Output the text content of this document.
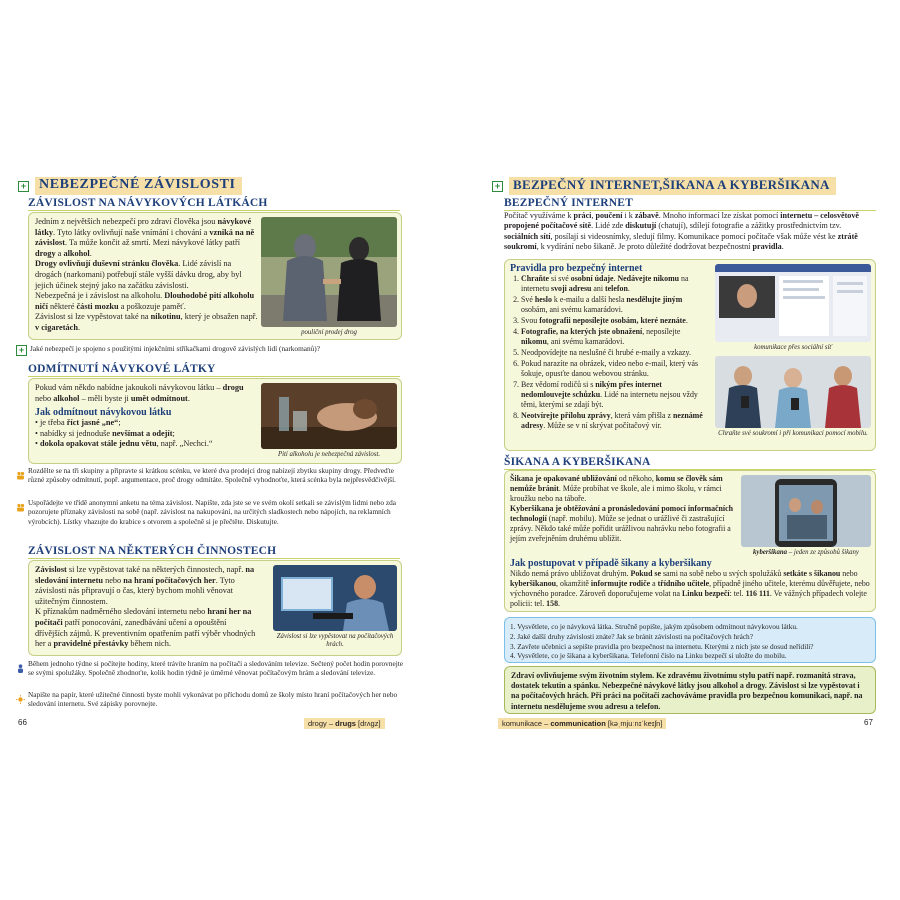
+ NEBEZPEČNÉ ZÁVISLOSTI
ZÁVISLOST NA NÁVYKOVÝCH LÁTKÁCH

Jedním z největších nebezpečí pro zdraví člověka jsou návykové látky. Tyto látky ovlivňují naše vnímání i chování a vzniká na ně závislost. Ta může končit až smrtí. Mezi návykové látky patří drogy a alkohol.

Drogy ovlivňují duševní stránku člověka. Lidé závislí na drogách (narkomani) potřebují stále vyšší dávku drog, aby byl jejich účinek stejný jako na začátku závislosti.

Nebezpečná je i závislost na alkoholu. Dlouhodobé pití alkoholu ničí některé části mozku a poškozuje paměť.

Závislost si lze vypěstovat také na nikotinu, který je obsažen např. v cigaretách.

pouliční prodej drog
+ Jaké nebezpečí je spojeno s použitými injekčními stříkačkami drogově závislých lidí (narkomanů)?
ODMÍTNUTÍ NÁVYKOVÉ LÁTKY

Pokud vám někdo nabídne jakoukoli návykovou látku – drogu nebo alkohol – měli byste ji umět odmítnout.

Jak odmítnout návykovou látku

• je třeba říct jasné „ne“;

• nabídky si jednoduše nevšímat a odejít;

• dokola opakovat stále jednu větu, např. „Nechci.“

Pití alkoholu je nebezpečná závislost.
Rozdělte se na tři skupiny a připravte si krátkou scénku, ve které dva prodejci drog nabízejí zbytku skupiny drogy. Předveďte různé způsoby odmítnutí, popř. argumentace, proč drogy odmítáte. Společně vyhodnoťte, která scénka byla nejpřesvědčivější.
Uspořádejte ve třídě anonymní anketu na téma závislost. Napište, zda jste se ve svém okolí setkali se závislým lidmi nebo zda pozorujete příznaky závislosti na sobě (např. závislost na nakupování, na určitých sladkostech nebo nápojích, na reklamních výrobcích). Lístky vhazujte do krabice s otvorem a společně si je přečtěte. Diskutujte.
ZÁVISLOST NA NĚKTERÝCH ČINNOSTECH

Závislost si lze vypěstovat také na některých činnostech, např. na sledování internetu nebo na hraní počítačových her. Tyto závislosti nás připravují o čas, který bychom mohli věnovat užitečným činnostem.

K příznakům nadměrného sledování internetu nebo hraní her na počítači patří ponocování, zanedbávání učení a opouštění dřívějších zájmů. K preventivním opatřením patří výběr vhodných her a pravidelné přestávky během nich.

Závislost si lze vypěstovat na počítačových hrách.
Během jednoho týdne si počítejte hodiny, které trávíte hraním na počítači a sledováním televize. Sečtený počet hodin porovnejte se svými spolužáky. Společně zhodnoťte, kolik hodin týdně je úměrné věnovat počítačovým hrám a sledování televize.
Napište na papír, které užitečné činnosti byste mohli vykonávat po příchodu domů ze školy místo hraní počítačových her nebo sledování internetu. Své zápisky porovnejte.
66	drogy – drugs [drʌgz]
+ BEZPEČNÝ INTERNET,ŠIKANA A KYBERŠIKANA
BEZPEČNÝ INTERNET

Počítač využíváme k práci, poučení i k zábavě. Mnoho informací lze získat pomocí internetu – celosvětově propojené počítačové sítě. Lidé zde diskutují (chatují), sdílejí fotografie a zážitky prostřednictvím tzv. sociálních sítí, posílají si videosnímky, sledují filmy. Komunikace pomocí počítače však může vést ke ztrátě soukromí, k vydírání nebo šikaně. Je proto důležité dodržovat bezpečnostní pravidla.

Pravidla pro bezpečný internet
1. Chraňte si své osobní údaje. Nedávejte nikomu na internetu svoji adresu ani telefon.
2. Své heslo k e-mailu a další hesla nesdělujte jiným osobám, ani svému kamarádovi.
3. Svou fotografii neposílejte osobám, které neznáte.
4. Fotografie, na kterých jste obnažení, neposílejte nikomu, ani svému kamarádovi.
5. Neodpovídejte na neslušné či hrubé e-maily a vzkazy.
6. Pokud narazíte na obrázek, video nebo e-mail, který vás šokuje, opusťte danou webovou stránku.
7. Bez vědomí rodičů si s nikým přes internet nedomlouvejte schůzku. Lidé na internetu nejsou vždy těmi, kterými se zdají být.
8. Neotvírejte přílohu zprávy, která vám přišla z neznámé adresy. Může se v ní skrývat počítačový vir.
komunikace přes sociální síť
Chraňte své soukromí i při komunikaci pomocí mobilu.
ŠIKANA A KYBERŠIKANA

Šikana je opakované ubližování od někoho, komu se člověk sám nemůže bránit. Může probíhat ve škole, ale i mimo školu, v rámci kroužku nebo na táboře.

Kyberšikana je obtěžování a pronásledování pomocí informačních technologií (např. mobilu). Může se jednat o urážlivé či zastrašující zprávy. Někdo také může pořídit urážlivou nahrávku nebo fotografii a jejím zveřejněním druhému ublížit.

kyberšikana – jeden ze způsobů šikany
Jak postupovat v případě šikany a kyberšikany

Nikdo nemá právo ubližovat druhým. Pokud se sami na sobě nebo u svých spolužáků setkáte s šikanou nebo kyberšikanou, okamžitě informujte rodiče a třídního učitele, případně jiného učitele, kterému důvěřujete, nebo výchovného poradce. Zároveň doporučujeme volat na Linku bezpečí: tel. 116 111. Ve vážných případech volejte policii: tel. 158.

1. Vysvětlete, co je návyková látka. Stručně popište, jakým způsobem odmítnout návykovou látku.
2. Jaké další druhy závislosti znáte? Jak se bránit závislosti na počítačových hrách?
3. Zavřete učebnici a sepište pravidla pro bezpečnost na internetu. Kterými z nich jste se dosud neřídili?
4. Vysvětlete, co je šikana a kyberšikana. Telefonní číslo na Linku bezpečí si uložte do mobilu.
Zdraví ovlivňujeme svým životním stylem. Ke zdravému životnímu stylu patří např. rozmanitá strava, dostatek tekutin a spánku. Nebezpečné návykové látky jsou alkohol a drogy. Závislost si lze vypěstovat i na počítačových hrách. Při práci na počítači zachováváme pravidla pro bezpečnou komunikaci, např. na internetu nesdělujeme svou adresu a telefon.
komunikace – communication [kəˌmjuːnɪˈkeɪʃn]	67
